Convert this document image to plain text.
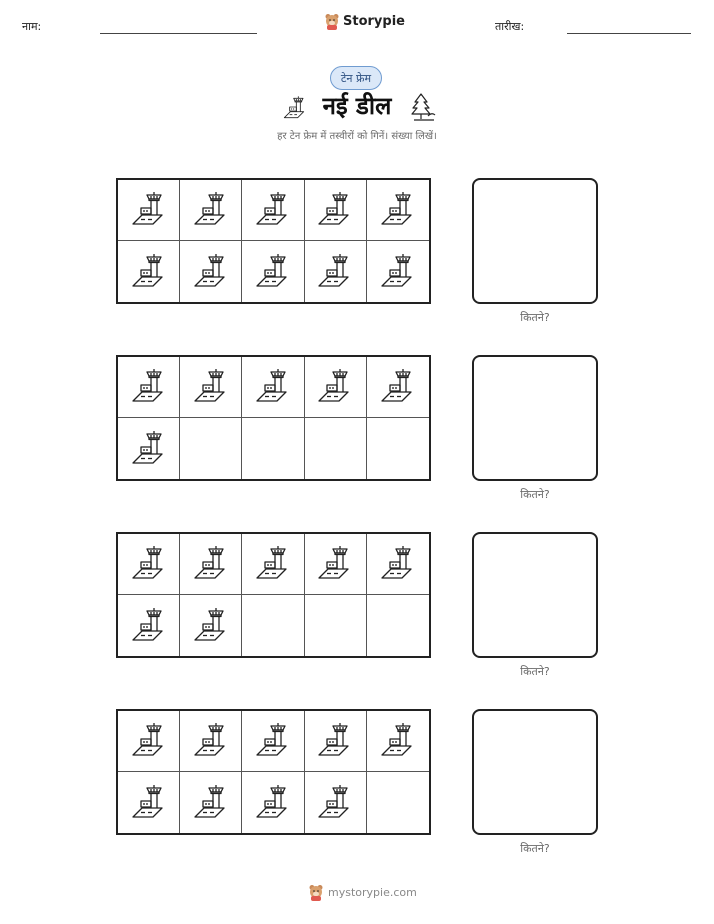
नाम:	Storypie	तारीख:
टेन फ्रेम
नई डील
हर टेन फ्रेम में तस्वीरों को गिनें। संख्या लिखें।
कितने?
कितने?
कितने?
कितने?
mystorypie.com
